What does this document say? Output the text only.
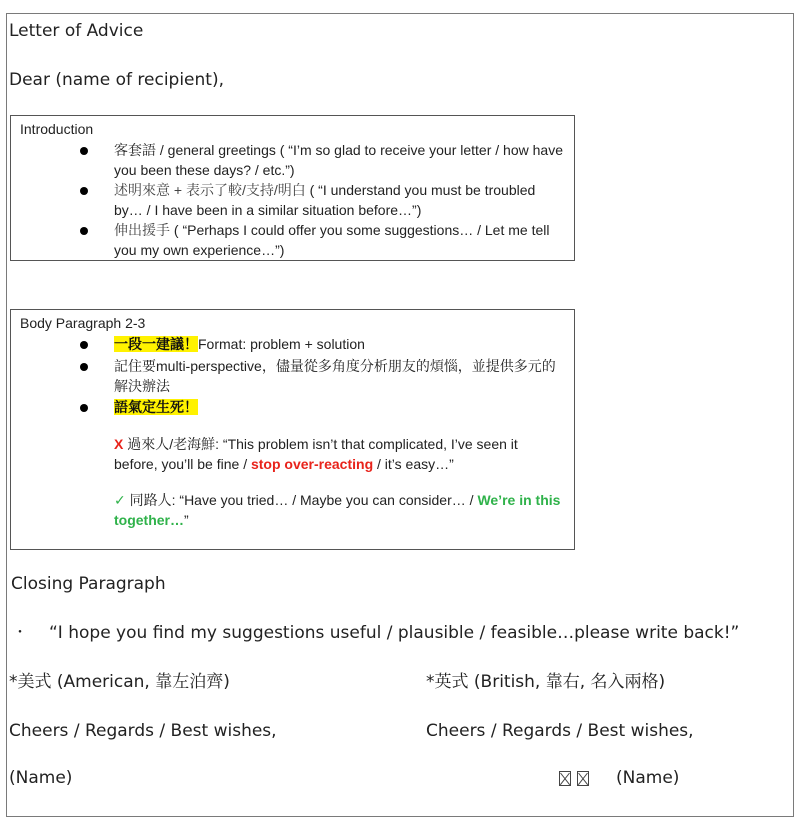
Letter of Advice
Dear (name of recipient),
Introduction
客套語 / general greetings ( “I’m so glad to receive your letter / how have you been these days? / etc.”)
述明來意 + 表示了較/支持/明白 ( “I understand you must be troubled by… / I have been in a similar situation before…”)
伸出援手 ( “Perhaps I could offer you some suggestions… / Let me tell you my own experience…”)
Body Paragraph 2-3
一段一建議！Format: problem + solution
記住要multi-perspective，儘量從多角度分析朋友的煩惱，並提供多元的解決辦法
語氣定生死！
X 過來人/老海鮮: “This problem isn’t that complicated, I’ve seen it before, you’ll be fine / stop over-reacting / it’s easy…”
✓ 同路人: “Have you tried… / Maybe you can consider… / We’re in this together…”
Closing Paragraph
・ “I hope you find my suggestions useful / plausible / feasible…please write back!”
*美式 (American, 靠左泊齊)	*英式 (British, 靠右, 名入兩格)
Cheers / Regards / Best wishes,	Cheers / Regards / Best wishes,
(Name)	(Name)
